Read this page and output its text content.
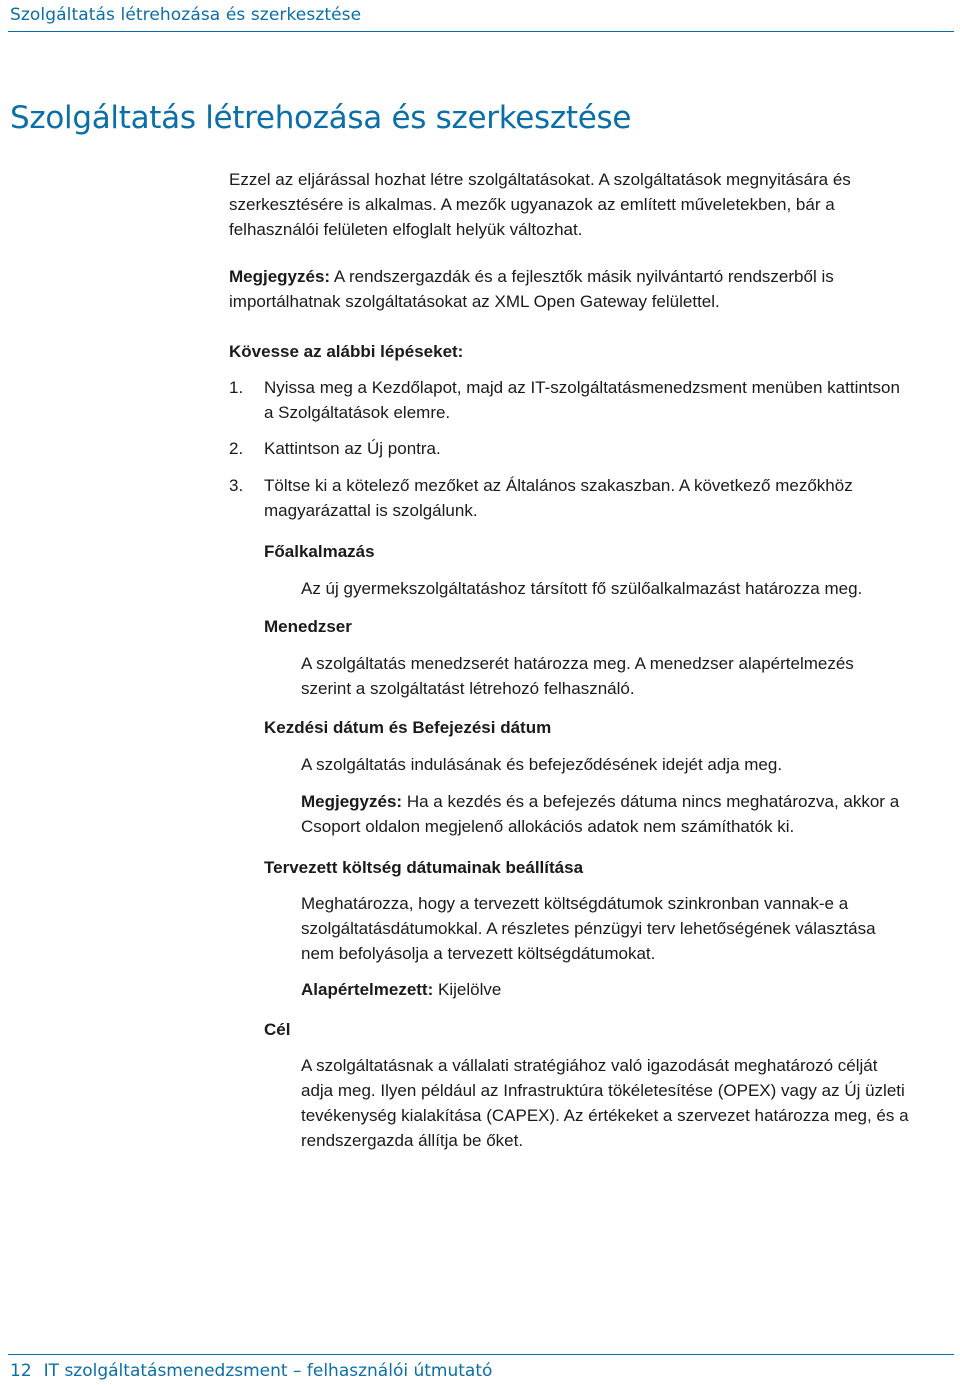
Szolgáltatás létrehozása és szerkesztése
Szolgáltatás létrehozása és szerkesztése
Ezzel az eljárással hozhat létre szolgáltatásokat. A szolgáltatások megnyitására és
szerkesztésére is alkalmas. A mezők ugyanazok az említett műveletekben, bár a
felhasználói felületen elfoglalt helyük változhat.
Megjegyzés: A rendszergazdák és a fejlesztők másik nyilvántartó rendszerből is
importálhatnak szolgáltatásokat az XML Open Gateway felülettel.
Kövesse az alábbi lépéseket:
1. Nyissa meg a Kezdőlapot, majd az IT-szolgáltatásmenedzsment menüben kattintson
a Szolgáltatások elemre.
2. Kattintson az Új pontra.
3. Töltse ki a kötelező mezőket az Általános szakaszban. A következő mezőkhöz
magyarázattal is szolgálunk.
Főalkalmazás
Az új gyermekszolgáltatáshoz társított fő szülőalkalmazást határozza meg.
Menedzser
A szolgáltatás menedzserét határozza meg. A menedzser alapértelmezés
szerint a szolgáltatást létrehozó felhasználó.
Kezdési dátum és Befejezési dátum
A szolgáltatás indulásának és befejeződésének idejét adja meg.
Megjegyzés: Ha a kezdés és a befejezés dátuma nincs meghatározva, akkor a
Csoport oldalon megjelenő allokációs adatok nem számíthatók ki.
Tervezett költség dátumainak beállítása
Meghatározza, hogy a tervezett költségdátumok szinkronban vannak-e a
szolgáltatásdátumokkal. A részletes pénzügyi terv lehetőségének választása
nem befolyásolja a tervezett költségdátumokat.
Alapértelmezett: Kijelölve
Cél
A szolgáltatásnak a vállalati stratégiához való igazodását meghatározó célját
adja meg. Ilyen például az Infrastruktúra tökéletesítése (OPEX) vagy az Új üzleti
tevékenység kialakítása (CAPEX). Az értékeket a szervezet határozza meg, és a
rendszergazda állítja be őket.
12 IT szolgáltatásmenedzsment – felhasználói útmutató
